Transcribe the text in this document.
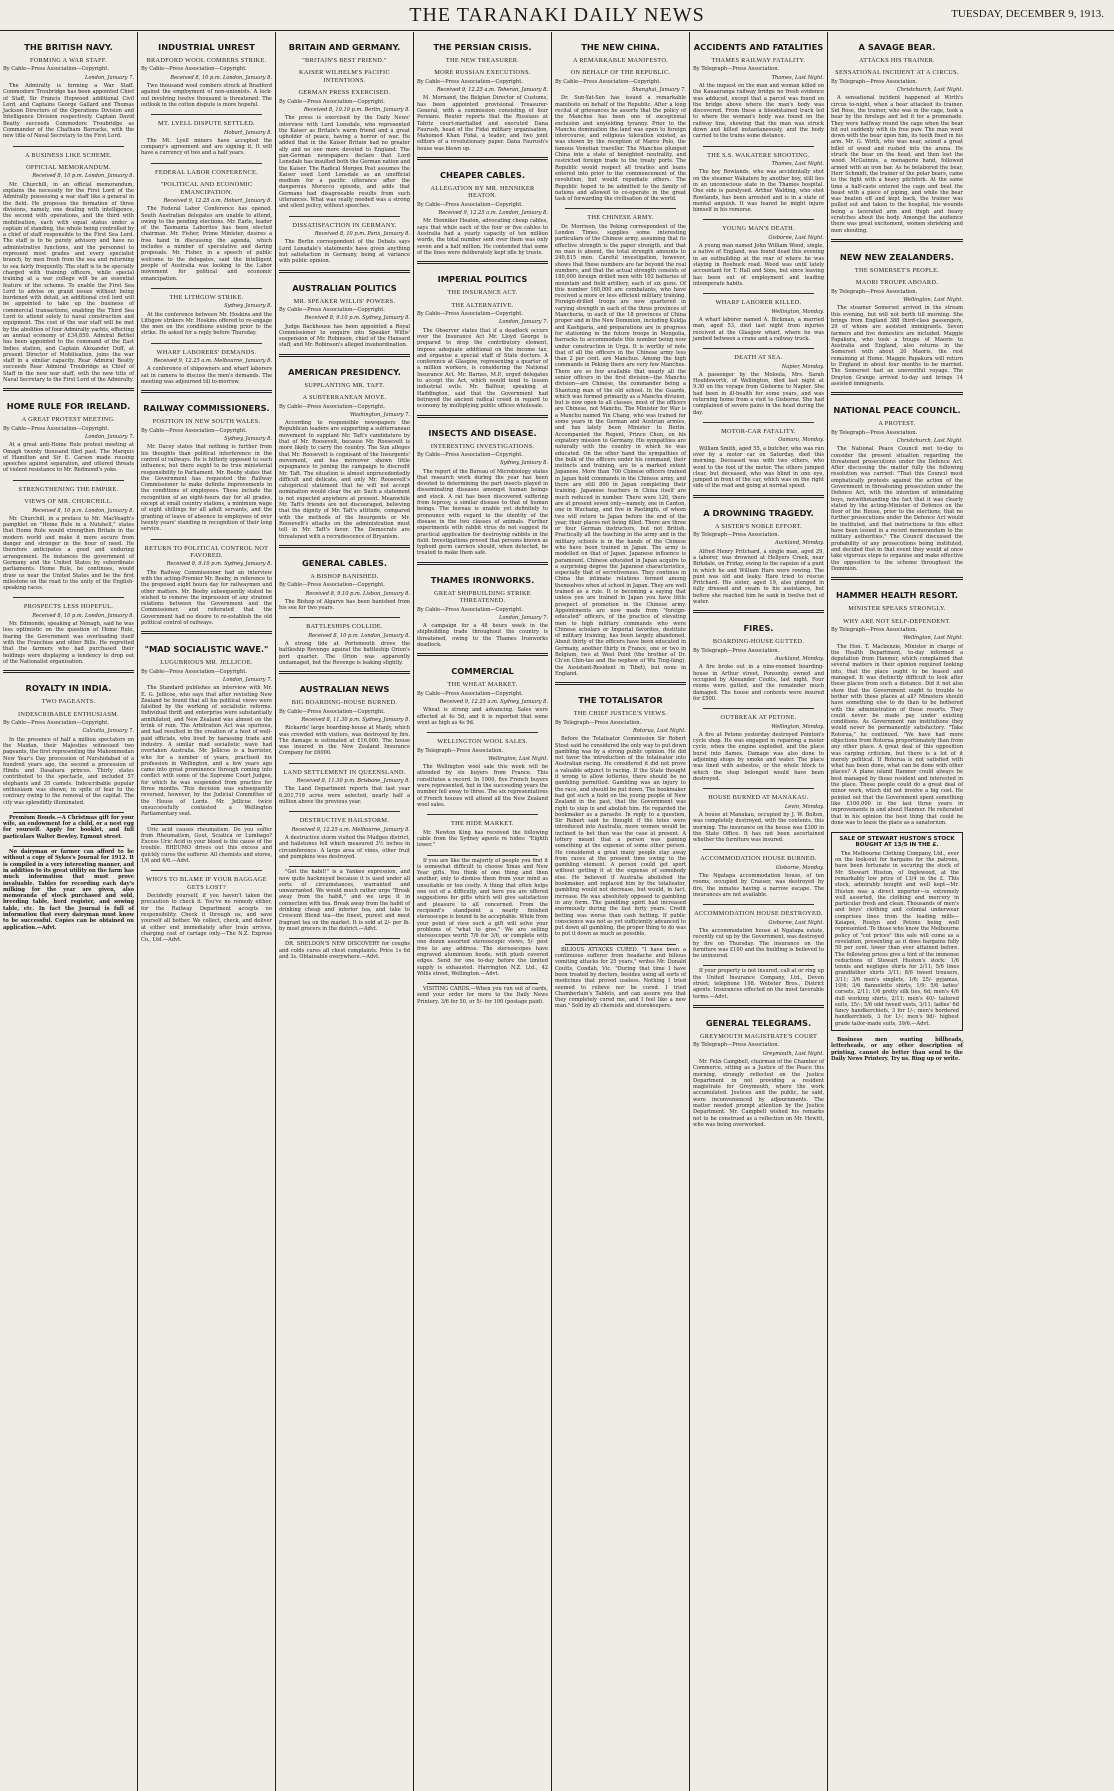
THE TARANAKI DAILY NEWS	TUESDAY, DECEMBER 9, 1913.
THE BRITISH NAVY.
FORMING A WAR STAFF.
By Cable—Press Association—Copyright.
London, January 7.

The Admiralty is forming a War Staff. Commodore Troubridge has been appointed Chief of Staff, Sir Francis Hopwood additional Civil Lord, and Captains George Gallard and Thomas Jackson Directors of the Operations Division and Intelligence Division respectively. Captain David Beatty succeeds Commodore Troubridge as Commander of the Chatham Barracks, with the new title of Naval Secretary to the First Lord.

A BUSINESS LIKE SCHEME.
OFFICIAL MEMORANDUM.
Received 8, 10 p.m. London, January 8.

Mr. Churchill, in an official memorandum, explains the necessity for the First Lord of the Admiralty possessing a war staff like a general in the field. He proposes the formation of three divisions, namely, one dealing with intelligence, the second with operations, and the third with mobilisation, each with equal status under a captain of standing, the whole being controlled by a chief of staff responsible to the First Sea Lord. The staff is to be purely advisory and have no administrative functions, and the personnel to represent most grades and every specialist branch, by men fresh from the sea and returning to sea fairly frequently. The staff is to be specially charged with training officers, while special training at a war college will be an essential feature of the scheme. To enable the First Sea Lord to advise on grand issues without being burdened with detail, an additional civil lord will be appointed to take up the business of commercial transactions, enabling the Third Sea Lord to attend solely to naval construction and equipment. The cost of the war staff will be met by the abolition of four Admiralty yachts, effecting an annual economy of £34,850. Admiral Bethel has been appointed to the command of the East Indies station, and Captain Alexander Duff, at present Director of Mobilisation, joins the war staff in a similar capacity. Rear Admiral Beatty succeeds Rear Admiral Troubridge as Chief of Staff in the new war staff, with the new title of Naval Secretary to the First Lord of the Admiralty.

HOME RULE FOR IRELAND.
A GREAT PROTEST MEETING.
By Cable—Press Association—Copyright.
London, January 7.

At a great anti-Home Rule protest meeting at Omagh twenty thousand filed past. The Marquis of Hamilton and Sir E. Carson made rousing speeches against separation, and uttered threats of violent resistance to Mr. Redmond's yoke.

STRENGTHENING THE EMPIRE.
VIEWS OF MR. CHURCHILL.
Received 8, 10 p.m. London, January 8.

Mr. Churchill, in a preface to Mr. MacVeagh's pamphlet on "Home Rule in a Nutshell," states that Home Rule would strengthen Britain in the modern world and make it more secure from danger and stronger in the hour of need. He therefore anticipates a good and enduring arrangement. He instances the government of Germany and the United States by subordinate parliaments. Home Rule, he continues, would draw us near the United States and be the first milestone on the road to the unity of the English-speaking races.

PROSPECTS LESS HOPEFUL.
Received 8, 10 p.m. London, January 8.

Mr. Edmonde, speaking at Nenagh, said he was less optimistic on the question of Home Rule, fearing the Government was overloading itself with the Franchise and other Bills. He regretted that the farmers who had purchased their holdings were displaying a tendency to drop out of the Nationalist organisation.

ROYALTY IN INDIA.
TWO PAGEANTS.
INDESCRIBABLE ENTHUSIASM.
By Cable—Press Association—Copyright.
Calcutta, January 7.

In the presence of half a million spectators on the Maidan, their Majesties witnessed two pageants, the first representing the Mahommedan New Year's Day procession of Nurshidabad of a hundred years ago, the second a procession of Hindu and Dasahara princes. Thirty states contributed to the spectacle, and included 57 elephants and 35 camels. Indescribable popular enthusiasm was shown, in spite of fear to the contrary owing to the removal of the capital. The city was splendidly illuminated.

Premium Bonds.—A Christmas gift for your wife, an endowment for a child, or a nest egg for yourself. Apply for booklet, and full particulars Walter Bewley, Egmont street.

No dairyman or farmer can afford to be without a copy of Sykes's Journal for 1912. It is compiled in a very interesting manner, and in addition to its great utility on the farm has much information that must prove invaluable. Tables for recording each day's milking for the year are given, also memoranda of stock purchased and sold, breeding table, herd register, and sowing table, etc. In fact the Journal is full of information that every dairyman must know to be successful. Copies can be obtained on application.—Advt.

INDUSTRIAL UNREST
BRADFORD WOOL COMBERS STRIKE.
By Cable—Press Association—Copyright.
Received 8, 10 p.m. London, January 8.

Two thousand wool combers struck at Bradford against the employment of non-unionists. A lock-out involving twelve thousand is threatened. The outlook in the cotton dispute is more hopeful.

MT. LYELL DISPUTE SETTLED.
Hobart, January 8.

The Mt. Lyell miners have accepted the company's agreement and are signing it. It will have a currency of two and a half years.

FEDERAL LABOR CONFERENCE.
"POLITICAL AND ECONOMIC EMANCIPATION.
Received 9, 12.25 a.m. Hobart, January 8.

The Federal Labor Conference has opened. South Australian delegates are unable to attend, owing to the pending elections. Mr. Earle, leader of the Tasmania Laborites has been elected chairman. Mr. Fisher, Prime Minister, desires a free hand in discussing the agenda, which includes a number of speculative and daring proposals. Mr. Fisher, in a speech of public welcome to the delegates, said the intelligent people of Australia was looking to the Labor movement for political and economic emancipation.

THE LITHGOW STRIKE.
Sydney, January 8.

At the conference between Mr. Hoskins and the Lithgow strikers Mr. Hoskins offered to re-engage the men on the conditions existing prior to the strike. He asked for a reply before Thursday.

WHARF LABORERS' DEMANDS.
Received 9, 12.25 a.m. Melbourne, January 8.

A conference of shipowners and wharf laborers sat in camera to discuss the men's demands. The meeting was adjourned till to-morrow.

RAILWAY COMMISSIONERS.
POSITION IN NEW SOUTH WALES.
By Cable—Press Association—Copyright.
Sydney, January 8.

Mr. Dacey states that nothing is further from his thoughts than political interference in the control of railways. He is bitterly opposed to such influence, but there ought to be true ministerial responsibility to Parliament. Mr. Beeby states that the Government has requested the Railway Commissioner to make definite improvements in the conditions of employees. These include the recognition of an eight-hours day for all grades, except at small country stations, a minimum wage of eight shillings for all adult servants, and the granting of leave of absence to employees of over twenty years' standing in recognition of their long service.

RETURN TO POLITICAL CONTROL NOT FAVORED.
Received 8, 9.10 p.m. Sydney, January 8.

The Railway Commissioner had an interview with the acting-Premier Mr. Beeby, in reference to the proposed eight hours day for railwaymen and other matters. Mr. Beeby subsequently stated he wished to remove the impression of any strained relations between the Government and the Commissioner, and reiterated that the Government had no desire to re-establish the old political control of railways.

"MAD SOCIALISTIC WAVE."
LUGUBRIOUS MR. JELLICOE.
By Cable—Press Association—Copyright.
London, January 7.

The Standard publishes an interview with Mr. E. G. Jellicoe, who says that after revisiting New Zealand he found that all his political views were falsified by the working of socialistic reforms. Individual thrift and enterprise were substantially annihilated, and New Zealand was almost on the brink of ruin. The Arbitration Act was spurious, and had resulted in the creation of a host of well-paid officials, who lived by harassing trade and industry. A similar mad socialistic wave had overtaken Australia. Mr. Jellicoe is a barrister, who for a number of years, practised his profession in Wellington, and a few years ago came into great prominence through coming into conflict with some of the Supreme Court Judges, for which he was suspended from practice for three months. This decision was subsequently reversed, however, by the Judicial Committee of the House of Lords. Mr. Jellicoe twice unsuccessfully contested a Wellington Parliamentary seat.

Uric acid causes rheumatism. Do you suffer from Rheumatism, Gout, Sciatica or Lumbago? Excess Uric Acid in your blood is the cause of the trouble. RHEUMO drives out this excess and quickly cures the sufferer. All chemists and stores, 1/6 and 4/6.—Advt.

WHO'S TO BLAME IF YOUR BAGGAGE GETS LOST?

Decidedly yourself, if you haven't taken the precaution to check it. You've no remedy either, for the Railway Department accepts no responsibility. Check it through us, and save yourself all bother. We collect, check, and deliver at either end immediately after train arrives, charging cost of cartage only.—The N.Z. Express Co., Ltd.—Advt.

BRITAIN AND GERMANY.
"BRITAIN'S BEST FRIEND."
KAISER WILHELM'S PACIFIC INTENTIONS.
GERMAN PRESS EXERCISED.
By Cable—Press Association—Copyright.
Received 8, 10.10 p.m. Berlin, January 8.

The press is exercised by the Daily News' interview with Lord Lonsdale, who represented the Kaiser as Britain's warm friend and a great upholder of peace, having a horror of war. He added that in the Kaiser Britain had no greater ally and no one more devoted to England. The pan-German newspapers declare that Lord Lonsdale has insulted both the German nation and the Kaiser. The Radical Morgen Post assumes the Kaiser used Lord Lonsdale as an unofficial medium for a pacific utterance after the dangerous Morocco episode, and adds that Germans had disagreeable results from such utterances. What was really needed was a strong and silent policy, without speeches.

DISSATISFACTION IN GERMANY.
Received 8, 10 p.m. Paris, January 8.

The Berlin correspondent of the Debats says Lord Lonsdale's statements have given anything but satisfaction in Germany, being at variance with public opinion.

AUSTRALIAN POLITICS
MR. SPEAKER WILLIS' POWERS.
By Cable—Press Association—Copyright.
Received 8, 9.10 p.m. Sydney, January 8.

Judge Backhouse has been appointed a Royal Commissioner to enquire into Speaker Willis' suspension of Mr. Robinson, chief of the Hansard staff, and Mr. Robinson's alleged insubordination.

AMERICAN PRESIDENCY.
SUPPLANTING MR. TAFT.
A SUBTERRANEAN MOVE.
By Cable—Press Association—Copyright.
Washington, January 7.

According to responsible newspapers the Republican leaders are supporting a subterranean movement to supplant Mr. Taft's candidature by that of Mr. Roosevelt, because Mr. Roosevelt is more likely to carry the country. The Sun alleges that Mr. Roosevelt is cognisant of the Insurgents' movement, and has moreover shown little repugnance to joining the campaign to discredit Mr. Taft. The situation is almost unprecedentedly difficult and delicate, and only Mr. Roosevelt's categorical statement that he will not accept nomination would clear the air. Such a statement is not expected anywhere at present. Meanwhile Mr. Taft's friends are not discouraged, believing that the dignity of Mr. Taft's attitude, compared with the methods of the Insurgents or Mr. Roosevelt's attacks on the administration must tell in Mr. Taft's favor. The Democrats are threatened with a recrudescence of Bryanism.

GENERAL CABLES.
A BISHOP BANISHED.
By Cable—Press Association—Copyright.
Received 8, 9.10 p.m. Lisbon, January 8.

The Bishop of Algarve has been banished from his see for two years.

BATTLESHIPS COLLIDE.
Received 8, 10 p.m. London, January 8.

A strong tide at Portsmouth drove the battleship Revenge against the battleship Orion's port quarter. The Orion was apparently undamaged, but the Revenge is leaking slightly.

AUSTRALIAN NEWS
BIG BOARDING-HOUSE BURNED.
By Cable—Press Association—Copyright.
Received 8, 11.30 p.m. Sydney, January 8.

Rickards' large boarding-house at Manly, which was crowded with visitors, was destroyed by fire. The damage is estimated at £16,000. The house was insured in the New Zealand Insurance Company for £6000.

LAND SETTLEMENT IN QUEENSLAND.
Received 8, 11.30 p.m. Brisbane, January 8.

The Land Department reports that last year 6,201,719 acres were selected, nearly half a million above the previous year.

DESTRUCTIVE HAILSTORM.
Received 9, 12.25 a.m. Melbourne, January 8.

A destructive storm visited the Mudgee district, and hailstones fell which measured 3½ inches in circumference. A large area of vines, other fruit and pumpkins was destroyed.

"Get the habit!" is a Yankee expression, and now quite hackneyed because it is used under all sorts of circumstances, warranted and unwarranted. We would much rather urge "Break away from the habit," and we urge it in connection with tea. Break away from the habit of drinking cheap and inferior tea, and take to Crescent Blend tea—the finest, purest and most fragrant tea on the market. It is sold at 2/- per lb. by most grocers in the district.—Advt.

DR. SHELDON'S NEW DISCOVERY for coughs and colds cures all chest complaints. Price 1s 6d and 3s. Obtainable everywhere.—Advt.

THE PERSIAN CRISIS.
THE NEW TREASURER.
MORE RUSSIAN EXECUTIONS.
By Cable—Press Association—Copyright.
Received 9, 12.25 a.m. Teheran, January 8.

M. Mornand, the Belgian Director of Customs, has been appointed provisional Treasurer-General, with a commission consisting of four Persians. Reuter reports that the Russians at Tabriz court-martialled and executed Dana Faurush, head of the Fidai military organisation, Mahomed Khan Fidai, a leader, and two joint editors of a revolutionary paper. Dana Faurush's house was blown up.

CHEAPER CABLES.
ALLEGATION BY MR. HENNIKER HEATON.
By Cable—Press Association—Copyright.
Received 9, 12.25 a.m. London, January 8.

Mr. Henniker Heaton, advocating cheap cables, says that while each of the four or five cables to Australia had a yearly capacity of ten million words, the total number sent over them was only seven and a half million. He contended that some of the lines were deliberately kept idle by trusts.

IMPERIAL POLITICS
THE INSURANCE ACT.
THE ALTERNATIVE.
By Cable—Press Association—Copyright.
London, January 7.

The Observer states that if a deadlock occurs over the Insurance Act Mr. Lloyd George is prepared to drop the contributory element, impose adequate additional on the income tax, and organise a special staff of State doctors. A conference at Glasgow, representing a quarter of a million workers, is considering the National Insurance Act. Mr. Barnes, M.P., urged delegates to accept the Act, which would tend to lessen industrial evils. Mr. Balfour, speaking at Haddington, said that the Government had betrayed the ancient radical creed in regard to economy by multiplying public offices wholesale.

INSECTS AND DISEASE.
INTERESTING INVESTIGATIONS.
By Cable—Press Association—Copyright.
Sydney, January 8.

The report of the Bureau of Microbiology states that research work during the year has been devoted to determining the part insects played in disseminating diseases amongst human beings and stock. A rat has been discovered suffering from leprosy, a similar disease to that of human beings. The bureau is unable yet definitely to pronounce with regard to the identity of the disease in the two classes of animals. Further experiments with rabbit virus do not suggest its practical application for destroying rabbits in the field. Investigations proved that persons known as typhoid germ carriers should, when detected, be treated to make them safe.

THAMES IRONWORKS.
GREAT SHIPBUILDING STRIKE THREATENED.
By Cable—Press Association—Copyright.
London, January 7.

A campaign for a 48 hours week in the shipbuilding trade throughout the country is threatened, owing to the Thames Ironworks deadlock.

COMMERCIAL
THE WHEAT MARKET.
By Cable—Press Association—Copyright.
Received 9, 12.25 a.m. Sydney, January 8.

Wheat is strong and advancing. Sales were effected at 4s 5d, and it is reported that some went as high as 4s 9d.

WELLINGTON WOOL SALES.
By Telegraph—Press Association.
Wellington, Last Night.

The Wellington wool sale this week will be attended by six buyers from France. This constitutes a record. In 1900, five French buyers were represented, but in the succeeding years the number fell away to three. The six representatives of French houses will attend all the New Zealand wool sales.

THE HIDE MARKET.

Mr. Newton King has received the following cable from the Sydney agents re hides: "Eighth lower."

If you are like the majority of people you find it is somewhat difficult to choose Xmas and New Year gifts. You think of one thing and then another, only to dismiss them from your mind as unsuitable or too costly. A thing that often helps one out of a difficulty, and here you are offered suggestions for gifts which will give satisfaction and pleasure to all concerned. From the recipient's standpoint a nearly finished stereoscope is bound to be acceptable. While from your point of view such a gift will solve your problems of "what to give." We are selling stereoscopes worth 7/6 for 3/6, or complete with one dozen assorted stereoscopic views, 5/- post free to any address. The stereoscopes have engraved aluminium hoods, with plush covered edges. Send for one to-day before the limited supply is exhausted. Harrington N.Z. Ltd., 42 Willis street, Wellington.—Advt.

VISITING CARDS.—When you run out of cards, send your order for more to the Daily News Printery. 3/6 for 50, or 5/- for 100 (postage paid).

THE NEW CHINA.
A REMARKABLE MANIFESTO.
ON BEHALF OF THE REPUBLIC.
By Cable—Press Association—Copyright.
Shanghai, January 7.

Dr. Sun-Yat-Sen has issued a remarkable manifesto on behalf of the Republic. After a long recital of grievances he asserts that the policy of the Manchus has been one of exceptional exclusion and unyielding tyranny. Prior to the Manchu domination the land was open to foreign intercourse, and religious toleration existed, as was shown by the reception of Marco Polo, the famous Venetian traveller. The Manchus plunged China into a state of benighted neutrality, and restricted foreign trade to the treaty ports. The Republic would respect all treaties and loans entered into prior to the commencement of the revolution, but would repudiate others. The Republic hoped to be admitted to the family of nations and allowed to co-operate in the great task of forwarding the civilisation of the world.

THE CHINESE ARMY.

Dr. Morrison, the Peking correspondent of the London Times, supplies some interesting particulars of the Chinese army, assuming that its effective strength is the paper strength, and that no man is absent, the total strength amounts to 240,815 men. Careful investigation, however, shows that these numbers are far beyond the real numbers, and that the actual strength consists of 180,000 foreign drilled men with 102 batteries of mountain and field artillery, each of six guns. Of this number 160,000 are combatants, who have received a more or less efficient military training. Foreign-drilled troops are now quartered in varying strength in each of the three provinces of Manchuria, in each of the 18 provinces of China proper and in the New Dominion, including Kuldja and Kashgaria, and preparations are in progress for stationing in the future troops in Mongolia, barracks to accommodate this number being now under construction in Urga. It is worthy of note that of all the officers in the Chinese army less than 2 per cent. are Manchus. Among the high commands in Peking there are very few Manchus. There are so few available that nearly all the senior officers in the first division—the Manchu division—are Chinese, the commander being a Shantung man of the old school. In the Guards, which was formed primarily as a Manchu division, but is now open to all classes, most of the officers are Chinese, not Manchu. The Minister for War is a Manchu named Yin Chang, who was trained for some years in the German and Austrian armies, and has lately been Minister to Berlin. Accompanied the Regent, Prince Chun, on his expiatory mission to Germany. His sympathies are naturally with the country in which he was educated. On the other hand the sympathies of the bulk of the officers under his command, their instincts and training, are to a marked extent Japanese. More than 700 Chinese officers trained in Japan hold commands in the Chinese army, and there are still 800 in Japan completing their training. Japanese teachers in China itself are much reduced in number. There were 120, there are at present seven only—namely, one in Canton, one in Wuchang, and five in Paotingfu, of whom two will return to Japan before the end of the year, their places not being filled. There are three or four German instructors, but not British. Practically all the teaching in the army and in the military schools is in the hands of the Chinese who have been trained in Japan. The army is modelled on that of Japan. Japanese influence is paramount. Chinese educated in Japan acquire to a surprising degree the Japanese characteristics, especially that of secretiveness. They continue in China the intimate relations formed among themselves when at school in Japan. They are well trained as a rule. It is becoming a saying that unless you are trained in Japan you have little prospect of promotion in the Chinese army. Appointments are now made from "foreign-educated" officers, of the practice of elevating men to high military commands who were Chinese scholars or Imperial favorites, destitute of military training, has been largely abandoned. About thirty of the officers have been educated in Germany, another thirty in France, one or two in Belgium, two at West Point (the brother of Dr. Ch'en Chin-tao and the nephew of Wu Ting-fang), the Assistant-Resident in Tibet), but none in England.

THE TOTALISATOR
THE CHIEF JUSTICE'S VIEWS.
By Telegraph—Press Association.
Rotorua, Last Night.

Before the Totalisator Commission Sir Robert Stout said he considered the only way to put down gambling was by a strong public opinion. He did not favor the introduction of the totalisator into Australian racing. He considered it did not prove a valuable adjunct to racing. If the State thought it wrong to allow lotteries, there should be no gambling permitted. Gambling was an injury to the race, and should be put down. The bookmaker had got such a hold on the young people of New Zealand in the past, that the Government was right to step in and abolish him. He regarded the bookmaker as a parasite. In reply to a question, Sir Robert said he thought if the totes were introduced into Australia, more women would be inclined to bet than was the case at present. A lottery meant that a person was gaming something at the expense of some other person. He considered a great many people stay away from races at the present time owing to the gambling element. A person could get sport without getting it at the expense of somebody else. He believed if Australia abolished the bookmaker, and replaced him by the totalisator, gambling would not decrease, but would, in fact, increase. He was absolutely opposed to gambling in any form. The gambling spirit had increased enormously during the last forty years. Credit betting was worse than cash betting. If public conscience was not as yet sufficiently advanced to put down all gambling, the proper thing to do was to put it down as much as possible.

BILIOUS ATTACKS CURED. "I have been a continuous sufferer from headache and bilious vomiting attacks for 25 years," writes Mr. Donald Coutts, Condah, Vic. "During that time I have been treated by doctors, besides using all sorts of medicines that proved useless. Nothing I tried seemed to relieve nor be cured. I tried Chamberlain's Tablets, and can assure you that they completely cured me, and I feel like a new man." Sold by all chemists and storekeepers.

ACCIDENTS AND FATALITIES
THAMES RAILWAY FATALITY.
By Telegraph—Press Association.
Thames, Last Night.

At the inquest on the man and woman killed on the Kauaeranga railway bridge no fresh evidence was adduced, except that a parcel was found on the bridge above where the man's body was discovered. From these a bloodstained track led to where the woman's body was found on the railway line, showing that the man was struck down and killed instantaneously, and the body carried to the trains some distance.

THE S.S. WAKATERE SHOOTING.
Thames, Last Night.

The boy Rowlands, who was accidentally shot on the steamer Wakatere by another boy, still lies in an unconscious state in the Thames hospital. One side is paralysed. Arthur Walding, who shot Rowlands, has been arrested and is in a state of mental anguish. It was feared he might injure himself in his remorse.

YOUNG MAN'S DEATH.
Gisborne, Last Night.

A young man named John William Wood, single, a native of England, was found dead this evening in an outbuilding at the rear of where he was staying in Roebuck road. Wood was until lately accountant for T. Hall and Sons, but since leaving has been out of employment and leading intemperate habits.

WHARF LABORER KILLED.
Wellington, Monday.

A wharf laborer named A. Bickman, a married man, aged 53, died last night from injuries received at the Glasgow wharf, where he was jambed between a crane and a railway truck.

DEATH AT SEA.
Napier, Monday.

A passenger by the Moloola, Mrs. Sarah Houldsworth, of Wellington, died last night at 9.30 on the voyage from Gisborne to Napier. She had been in ill-health for some years, and was returning home from a visit to Gisborne. She had complained of severe pains in the head during the day.

MOTOR-CAR FATALITY.
Oamaru, Monday.

William Smith, aged 55, a butcher, who was run over by a motor car on Saturday, died this morning. Deceased was with two others, who went to the foot of the motor. The others jumped clear, but deceased, who was blind in one eye, jumped in front of the car, which was on the right side of the road and going at normal speed.

A DROWNING TRAGEDY.
A SISTER'S NOBLE EFFORT.
By Telegraph—Press Association.
Auckland, Monday.

Alfred Henry Pritchard, a single man, aged 29, a laborer, was drowned at Hellyers Creek, near Birkdale, on Friday, owing to the capsize of a punt in which he and William Hare were rowing. The punt was old and leaky. Hare tried to rescue Pritchard. His sister, aged 19, also plunged in fully dressed and swam to his assistance, but before she reached him he sank in twelve feet of water.

FIRES.
BOARDING-HOUSE GUTTED.
By Telegraph—Press Association.
Auckland, Monday.

A fire broke out in a nine-roomed boarding-house in Arthur street, Ponsonby, owned and occupied by Alexander Coutts, last night. Four rooms were gutted, and the remainder much damaged. The house and contents were insured for £500.

OUTBREAK AT PETONE.
Wellington, Monday.

A fire at Petone yesterday destroyed Pointon's cycle shop. He was engaged in repairing a motor cycle, when the engine exploded, and the place burst into flames. Damage was also done to adjoining shops by smoke and water. The place was lined with asbestos, or the whole block to which the shop belonged would have been destroyed.

HOUSE BURNED AT MANAKAU.
Levin, Monday.

A house at Manakau, occupied by J. W. Bolton, was completely destroyed, with the contents, this morning. The insurance on the house was £300 in the State Office. It has not been ascertained whether the furniture was insured.

ACCOMMODATION HOUSE BURNED.
Gisborne, Monday.

The Ngatapa accommodation house, of ten rooms, occupied by Crasser, was destroyed by fire, the inmates having a narrow escape. The insurances are not available.

ACCOMMODATION HOUSE DESTROYED.
Gisborne, Last Night.

The accommodation house at Ngatapa estate, recently cut up by the Government, was destroyed by fire on Thursday. The insurance on the furniture was £100 and the building is believed to be uninsured.

If your property is not insured, call at or ring up the United Insurance Company, Ltd., Devon street; telephone 198. Webster Bros., District agents. Insurances effected on the most favorable terms.—Advt.

GENERAL TELEGRAMS.
GREYMOUTH MAGISTRATE'S COURT
By Telegraph—Press Association.
Greymouth, Last Night.

Mr. Felix Campbell, chairman of the Chamber of Commerce, sitting as a Justice of the Peace this morning, strongly reflected on the Justice Department in not providing a resident magistrate for Greymouth, where the work accumulated. Justices and the public, he said, were inconvenienced by adjournments. The matter needed prompt attention by the Justice Department. Mr. Campbell wished his remarks not to be construed as a reflection on Mr. Hewitt, who was being overworked.

A SAVAGE BEAR.
ATTACKS HIS TRAINER.
SENSATIONAL INCIDENT AT A CIRCUS.
By Telegraph—Press Association.
Christchurch, Last Night.

A sensational incident happened at Wirth's circus to-night, when a bear attacked its trainer. Sid Rose, the trainer, who was in the cage, took a bear by the forelegs and led it for a promenade. They were halfway round the cage when the bear bit out suddenly with its free paw. The man went down with the bear upon him, its teeth fixed in his arm. Mr. G. Wirth, who was near, seized a great billet of wood and rushed into the arena. He struck the bear on the head, and then lost the wood. McGuinnis, a menagerie hand, followed armed with an iron bar. As he belabored the bear, Herr Schmidt, the trainer of the polar bears, came to the fight with a heavy pitchfork. At the same time a half-caste entered the cage and beat the beast with a piece of piping, and while the bear was beaten off and kept back, the trainer was pulled out and taken to the hospital, his wounds being a lacerated arm and thigh and heavy scratches about the body. Amongst the audience there was great excitement, women shrieking and men shouting.

NEW NEW ZEALANDERS.
THE SOMERSET'S PEOPLE.
MAORI TROUPE ABOARD.
By Telegraph—Press Association.
Wellington, Last Night.

The steamer Somerset arrived in the stream this evening, but will not berth till morning. She brings from England 388 third-class passengers, 29 of whom are assisted immigrants. Seven farmers and five domestics are included. Maggie Papakura, who took a troupe of Maoris to Australia and England, also returns in the Somerset with about 20 Maoris, the rest remaining at Home. Maggie Papakura will return to England in about four months to be married. The Somerset had an uneventful voyage. The Drayton Grange arrived to-day and brings 14 assisted immigrants.

NATIONAL PEACE COUNCIL.
A PROTEST.
By Telegraph—Press Association.
Christchurch, Last Night.

The National Peace Council met to-day to consider the present situation regarding the threatened prosecutions under the Defence Act. After discussing the matter fully the following resolution was carried: "That this Council most emphatically protests against the action of the Government in threatening prosecution under the Defence Act, with the intention of intimidating boys, notwithstanding the fact that it was clearly stated by the acting-Minister of Defence on the floor of the House, prior to the elections, that no further prosecutions under the Defence Act would be instituted, and that instructions to this effect have been issued in a recent memorandum to the military authorities." The Council discussed the probability of any prosecutions being instituted, and decided that in that event they would at once take vigorous steps to organise and make effective the opposition to the scheme throughout the Dominion.

HAMMER HEALTH RESORT.
MINISTER SPEAKS STRONGLY.
WHY ARE NOT SELF-DEPENDENT.
By Telegraph—Press Association.
Wellington, Last Night.

The Hon. T. Mackenzie, Minister in charge of the Health Department, to-day informed a deputation from Hanmer, which complained that several matters in their opinion required looking into, that the place ought to be leased and managed. It was distinctly difficult to look after these places from such a distance. Did it not also show that the Government ought to trouble to bother with these places at all? Ministers should have something else to do than to be bothered with the administration of these resorts. They could never be made pay under existing conditions. As Government ran institutions they would never be permanently satisfactory. "Take Rotorua," he continued. "We have had more objections from Rotorua proportionately than from any other place. A great deal of this opposition was carping criticism, but there is a lot of it merely political. If Rotorua is not satisfied with what has been done, what can be done with other places? A plane island Hanmer could always be best managed by those resident and interested in the place. These people could do a great deal of minor work, which did not involve a big cost. He pointed out that the Government spent something like £100,000 in the last three years in improvements in and about Hanmer. He reiterated that in his opinion the best thing that could be done was to lease the place as a sanatorium.

SALE OF STEWART HUSTON'S STOCK BOUGHT AT 13/5 IN THE £.

The Melbourne Clothing Company, Ltd., ever on the look-out for bargains for the patrons, have been fortunate in securing the stock of Mr. Stewart Huston, of Inglewood, at the remarkably low price of 13/4 in the £. This stock, admirably bought and well kept—Mr. Huston was a direct importer—is extremely well assorted, the clothing and mercery in particular fresh and clean. Thousands of men's and boys' clothing and colonial underwear comprises lines from the leading mills—Kaiapoi, Roslyn and Petone being well represented. To those who know the Melbourne policy of "cut prices" this sale will come as a revelation, presenting as it does bargains fully 50 per cent. lower than ever attained before. The following prices give a hint of the immense reductions of Stewart Huston's stock: 1/6 tennis and negligee shirts for 2/11; 5/6 lines grandfather shirts 3/11; 8/6 tweed trousers, 3/11; 3/6 men's singlets, 1/6; 25/- pyjamas, 10/6; 3/6 flannelette shirts, 1/9; 5/6 ladies' corsets, 2/11; 1/6 pretty silk ties, 6d; men's 4/6 dull working shirts, 2/11; men's 40/- tailored suits, 35/-; 5/6 odd tweed vests, 3/11; ladies' 6d fancy handkerchiefs, 3 for 1/-; men's bordered handkerchiefs, 3 for 1/-; men's 9d/- highest grade tailor-made suits, 39/6.—Advt.

Business men wanting billheads, letterheads, or any other description of printing, cannot do better than send to the Daily News Printery. Try us. Ring up or write.
